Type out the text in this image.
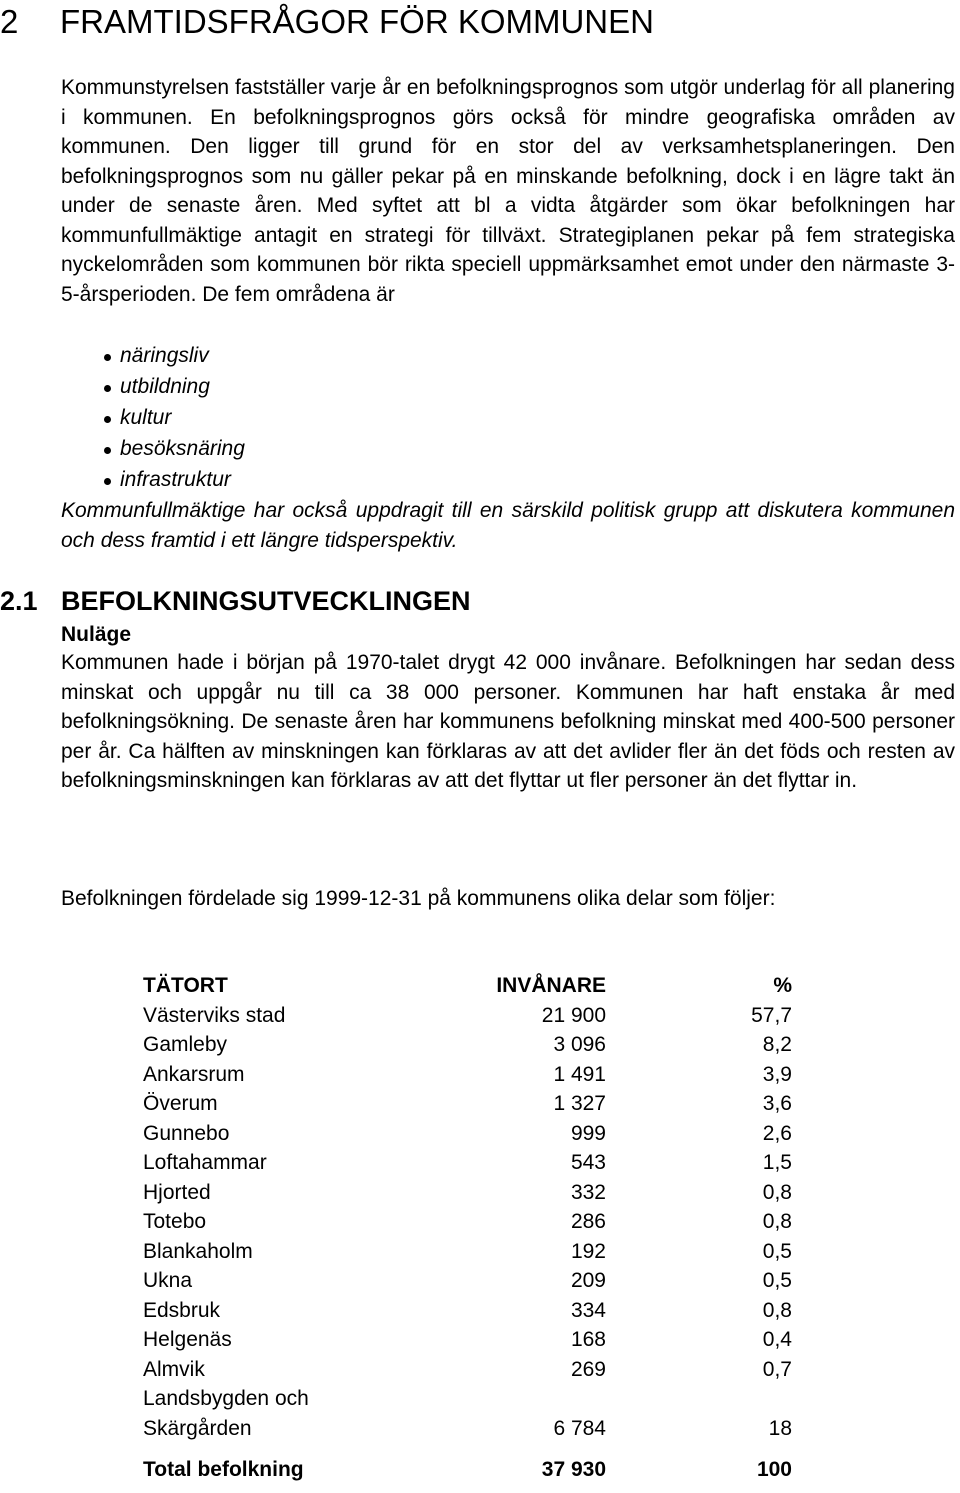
2 FRAMTIDSFRÅGOR FÖR KOMMUNEN

Kommunstyrelsen fastställer varje år en befolkningsprognos som utgör underlag för all planering i kommunen. En befolkningsprognos görs också för mindre geografiska områden av kommunen. Den ligger till grund för en stor del av verksamhetsplaneringen. Den befolkningsprognos som nu gäller pekar på en minskande befolkning, dock i en lägre takt än under de senaste åren. Med syftet att bl a vidta åtgärder som ökar befolkningen har kommunfullmäktige antagit en strategi för tillväxt. Strategiplanen pekar på fem strategiska nyckelområden som kommunen bör rikta speciell uppmärksamhet emot under den närmaste 3-5-årsperioden. De fem områdena är

näringsliv
utbildning
kultur
besöksnäring
infrastruktur

Kommunfullmäktige har också uppdragit till en särskild politisk grupp att diskutera kommunen och dess framtid i ett längre tidsperspektiv.

2.1 BEFOLKNINGSUTVECKLINGEN
Nuläge

Kommunen hade i början på 1970-talet drygt 42 000 invånare. Befolkningen har sedan dess minskat och uppgår nu till ca 38 000 personer. Kommunen har haft enstaka år med befolkningsökning. De senaste åren har kommunens befolkning minskat med 400-500 personer per år. Ca hälften av minskningen kan förklaras av att det avlider fler än det föds och resten av befolkningsminskningen kan förklaras av att det flyttar ut fler personer än det flyttar in.

Befolkningen fördelade sig 1999-12-31 på kommunens olika delar som följer:
TÄTORT	INVÅNARE	%
Västerviks stad	21 900	57,7
Gamleby	3 096	8,2
Ankarsrum	1 491	3,9
Överum	1 327	3,6
Gunnebo	999	2,6
Loftahammar	543	1,5
Hjorted	332	0,8
Totebo	286	0,8
Blankaholm	192	0,5
Ukna	209	0,5
Edsbruk	334	0,8
Helgenäs	168	0,4
Almvik	269	0,7
Landsbygden och		
Skärgården	6 784	18
Total befolkning	37 930	100
